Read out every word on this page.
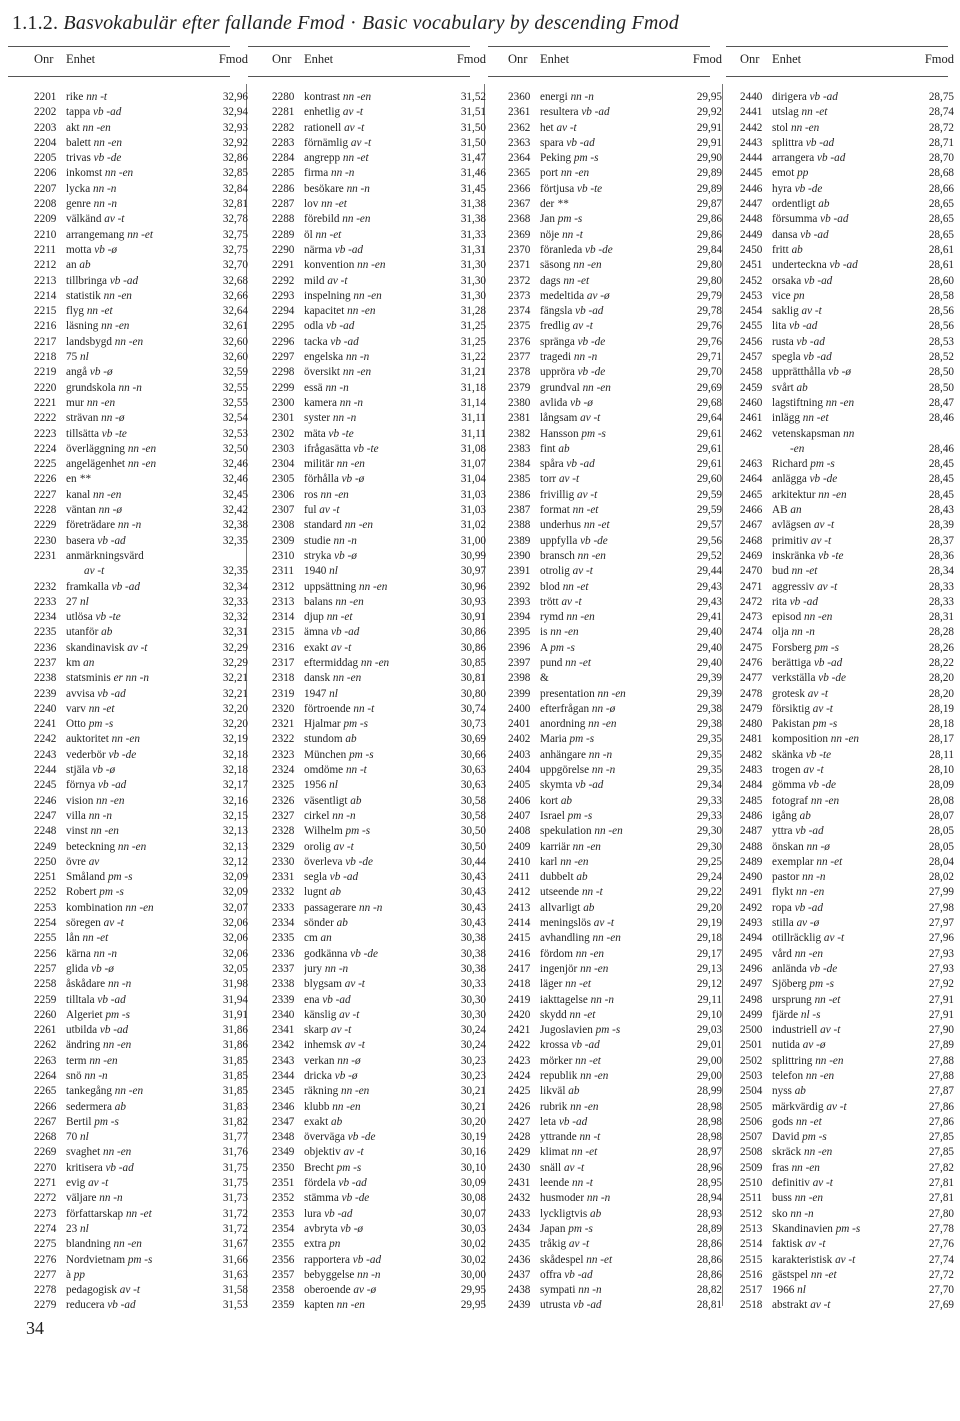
1.1.2. Basvokabulär efter fallande Fmod · Basic vocabulary by descending Fmod
Onr	Enhet	Fmod
2201 rike nn -t	32,96
2202 tappa vb -ad	32,94
2203 akt nn -en	32,93
2204 balett nn -en	32,92
2205 trivas vb -de	32,86
2206 inkomst nn -en	32,85
2207 lycka nn -n	32,84
2208 genre nn -n	32,81
2209 välkänd av -t	32,78
2210 arrangemang nn -et	32,75
2211 motta vb -ø	32,75
2212 an ab	32,70
2213 tillbringa vb -ad	32,68
2214 statistik nn -en	32,66
2215 flyg nn -et	32,64
2216 läsning nn -en	32,61
2217 landsbygd nn -en	32,60
2218 75 nl	32,60
2219 angå vb -ø	32,59
2220 grundskola nn -n	32,55
2221 mur nn -en	32,55
2222 strävan nn -ø	32,54
2223 tillsätta vb -te	32,53
2224 överläggning nn -en	32,50
2225 angelägenhet nn -en	32,46
2226 en **	32,46
2227 kanal nn -en	32,45
2228 väntan nn -ø	32,42
2229 företrädare nn -n	32,38
2230 basera vb -ad	32,35
2231 anmärkningsvärd
av -t	32,35
2232 framkalla vb -ad	32,34
2233 27 nl	32,33
2234 utlösa vb -te	32,32
2235 utanför ab	32,31
2236 skandinavisk av -t	32,29
2237 km an	32,29
2238 statsminis er nn -n	32,21
2239 avvisa vb -ad	32,21
2240 varv nn -et	32,20
2241 Otto pm -s	32,20
2242 auktoritet nn -en	32,19
2243 vederbör vb -de	32,18
2244 stjäla vb -ø	32,18
2245 förnya vb -ad	32,17
2246 vision nn -en	32,16
2247 villa nn -n	32,15
2248 vinst nn -en	32,13
2249 beteckning nn -en	32,13
2250 övre av	32,12
2251 Småland pm -s	32,09
2252 Robert pm -s	32,09
2253 kombination nn -en	32,07
2254 söregen av -t	32,06
2255 lån nn -et	32,06
2256 kärna nn -n	32,06
2257 glida vb -ø	32,05
2258 åskådare nn -n	31,98
2259 tilltala vb -ad	31,94
2260 Algeriet pm -s	31,91
2261 utbilda vb -ad	31,86
2262 ändring nn -en	31,86
2263 term nn -en	31,85
2264 snö nn -n	31,85
2265 tankegång nn -en	31,85
2266 sedermera ab	31,83
2267 Bertil pm -s	31,82
2268 70 nl	31,77
2269 svaghet nn -en	31,76
2270 kritisera vb -ad	31,75
2271 evig av -t	31,75
2272 väljare nn -n	31,73
2273 författarskap nn -et	31,72
2274 23 nl	31,72
2275 blandning nn -en	31,67
2276 Nordvietnam pm -s	31,66
2277 à pp	31,63
2278 pedagogisk av -t	31,58
2279 reducera vb -ad	31,53
Onr	Enhet	Fmod
2280 kontrast nn -en	31,52
2281 enhetlig av -t	31,51
2282 rationell av -t	31,50
2283 förnämlig av -t	31,50
2284 angrepp nn -et	31,47
2285 firma nn -n	31,46
2286 besökare nn -n	31,45
2287 lov nn -et	31,38
2288 förebild nn -en	31,38
2289 öl nn -et	31,33
2290 närma vb -ad	31,31
2291 konvention nn -en	31,30
2292 mild av -t	31,30
2293 inspelning nn -en	31,30
2294 kapacitet nn -en	31,28
2295 odla vb -ad	31,25
2296 tacka vb -ad	31,25
2297 engelska nn -n	31,22
2298 översikt nn -en	31,21
2299 essä nn -n	31,18
2300 kamera nn -n	31,14
2301 syster nn -n	31,11
2302 mäta vb -te	31,11
2303 ifrågasätta vb -te	31,08
2304 militär nn -en	31,07
2305 förhålla vb -ø	31,04
2306 ros nn -en	31,03
2307 ful av -t	31,03
2308 standard nn -en	31,02
2309 studie nn -n	31,00
2310 stryka vb -ø	30,99
2311 1940 nl	30,97
2312 uppsättning nn -en	30,96
2313 balans nn -en	30,93
2314 djup nn -et	30,91
2315 ämna vb -ad	30,86
2316 exakt av -t	30,86
2317 eftermiddag nn -en	30,85
2318 dansk nn -en	30,81
2319 1947 nl	30,80
2320 förtroende nn -t	30,74
2321 Hjalmar pm -s	30,73
2322 stundom ab	30,69
2323 München pm -s	30,66
2324 omdöme nn -t	30,63
2325 1956 nl	30,63
2326 väsentligt ab	30,58
2327 cirkel nn -n	30,58
2328 Wilhelm pm -s	30,50
2329 orolig av -t	30,50
2330 överleva vb -de	30,44
2331 segla vb -ad	30,43
2332 lugnt ab	30,43
2333 passagerare nn -n	30,43
2334 sönder ab	30,43
2335 cm an	30,38
2336 godkänna vb -de	30,38
2337 jury nn -n	30,38
2338 blygsam av -t	30,33
2339 ena vb -ad	30,30
2340 känslig av -t	30,30
2341 skarp av -t	30,24
2342 inhemsk av -t	30,24
2343 verkan nn -ø	30,23
2344 dricka vb -ø	30,23
2345 räkning nn -en	30,21
2346 klubb nn -en	30,21
2347 exakt ab	30,20
2348 överväga vb -de	30,19
2349 objektiv av -t	30,16
2350 Brecht pm -s	30,10
2351 fördela vb -ad	30,09
2352 stämma vb -de	30,08
2353 lura vb -ad	30,07
2354 avbryta vb -ø	30,03
2355 extra pn	30,02
2356 rapportera vb -ad	30,02
2357 bebyggelse nn -n	30,00
2358 oberoende av -ø	29,95
2359 kapten nn -en	29,95
Onr	Enhet	Fmod
2360 energi nn -n	29,95
2361 resultera vb -ad	29,92
2362 het av -t	29,91
2363 spara vb -ad	29,91
2364 Peking pm -s	29,90
2365 port nn -en	29,89
2366 förtjusa vb -te	29,89
2367 der **	29,87
2368 Jan pm -s	29,86
2369 nöje nn -t	29,86
2370 föranleda vb -de	29,84
2371 säsong nn -en	29,80
2372 dags nn -et	29,80
2373 medeltida av -ø	29,79
2374 fängsla vb -ad	29,78
2375 fredlig av -t	29,76
2376 spränga vb -de	29,76
2377 tragedi nn -n	29,71
2378 uppröra vb -de	29,70
2379 grundval nn -en	29,69
2380 avlida vb -ø	29,68
2381 långsam av -t	29,64
2382 Hansson pm -s	29,61
2383 fint ab	29,61
2384 spåra vb -ad	29,61
2385 torr av -t	29,60
2386 frivillig av -t	29,59
2387 format nn -et	29,59
2388 underhus nn -et	29,57
2389 uppfylla vb -de	29,56
2390 bransch nn -en	29,52
2391 otrolig av -t	29,44
2392 blod nn -et	29,43
2393 trött av -t	29,43
2394 rymd nn -en	29,41
2395 is nn -en	29,40
2396 A pm -s	29,40
2397 pund nn -et	29,40
2398 &	29,39
2399 presentation nn -en	29,39
2400 efterfrågan nn -ø	29,38
2401 anordning nn -en	29,38
2402 Maria pm -s	29,35
2403 anhängare nn -n	29,35
2404 uppgörelse nn -n	29,35
2405 skymta vb -ad	29,34
2406 kort ab	29,33
2407 Israel pm -s	29,33
2408 spekulation nn -en	29,30
2409 karriär nn -en	29,30
2410 karl nn -en	29,25
2411 dubbelt ab	29,24
2412 utseende nn -t	29,22
2413 allvarligt ab	29,20
2414 meningslös av -t	29,19
2415 avhandling nn -en	29,18
2416 fördom nn -en	29,17
2417 ingenjör nn -en	29,13
2418 läger nn -et	29,12
2419 iakttagelse nn -n	29,11
2420 skydd nn -et	29,10
2421 Jugoslavien pm -s	29,03
2422 krossa vb -ad	29,01
2423 mörker nn -et	29,00
2424 republik nn -en	29,00
2425 likväl ab	28,99
2426 rubrik nn -en	28,98
2427 leta vb -ad	28,98
2428 yttrande nn -t	28,98
2429 klimat nn -et	28,97
2430 snäll av -t	28,96
2431 leende nn -t	28,95
2432 husmoder nn -n	28,94
2433 lyckligtvis ab	28,93
2434 Japan pm -s	28,89
2435 tråkig av -t	28,86
2436 skådespel nn -et	28,86
2437 offra vb -ad	28,86
2438 sympati nn -n	28,82
2439 utrusta vb -ad	28,81
Onr	Enhet	Fmod
2440 dirigera vb -ad	28,75
2441 utslag nn -et	28,74
2442 stol nn -en	28,72
2443 splittra vb -ad	28,71
2444 arrangera vb -ad	28,70
2445 emot pp	28,68
2446 hyra vb -de	28,66
2447 ordentligt ab	28,65
2448 försumma vb -ad	28,65
2449 dansa vb -ad	28,65
2450 fritt ab	28,61
2451 underteckna vb -ad	28,61
2452 orsaka vb -ad	28,60
2453 vice pn	28,58
2454 saklig av -t	28,56
2455 lita vb -ad	28,56
2456 rusta vb -ad	28,53
2457 spegla vb -ad	28,52
2458 upprätthålla vb -ø	28,50
2459 svårt ab	28,50
2460 lagstiftning nn -en	28,47
2461 inlägg nn -et	28,46
2462 vetenskapsman nn
-en	28,46
2463 Richard pm -s	28,45
2464 anlägga vb -de	28,45
2465 arkitektur nn -en	28,45
2466 AB an	28,43
2467 avlägsen av -t	28,39
2468 primitiv av -t	28,37
2469 inskränka vb -te	28,36
2470 bud nn -et	28,34
2471 aggressiv av -t	28,33
2472 rita vb -ad	28,33
2473 episod nn -en	28,31
2474 olja nn -n	28,28
2475 Forsberg pm -s	28,26
2476 berättiga vb -ad	28,22
2477 verkställa vb -de	28,20
2478 grotesk av -t	28,20
2479 försiktig av -t	28,19
2480 Pakistan pm -s	28,18
2481 komposition nn -en	28,17
2482 skänka vb -te	28,11
2483 trogen av -t	28,10
2484 gömma vb -de	28,09
2485 fotograf nn -en	28,08
2486 igång ab	28,07
2487 yttra vb -ad	28,05
2488 önskan nn -ø	28,05
2489 exemplar nn -et	28,04
2490 pastor nn -n	28,02
2491 flykt nn -en	27,99
2492 ropa vb -ad	27,98
2493 stilla av -ø	27,97
2494 otillräcklig av -t	27,96
2495 vård nn -en	27,93
2496 anlända vb -de	27,93
2497 Sjöberg pm -s	27,92
2498 ursprung nn -et	27,91
2499 fjärde nl -s	27,91
2500 industriell av -t	27,90
2501 nutida av -ø	27,89
2502 splittring nn -en	27,88
2503 telefon nn -en	27,88
2504 nyss ab	27,87
2505 märkvärdig av -t	27,86
2506 gods nn -et	27,86
2507 David pm -s	27,85
2508 skräck nn -en	27,85
2509 fras nn -en	27,82
2510 definitiv av -t	27,81
2511 buss nn -en	27,81
2512 sko nn -n	27,80
2513 Skandinavien pm -s	27,78
2514 faktisk av -t	27,76
2515 karakteristisk av -t	27,74
2516 gästspel nn -et	27,72
2517 1966 nl	27,70
2518 abstrakt av -t	27,69
34
